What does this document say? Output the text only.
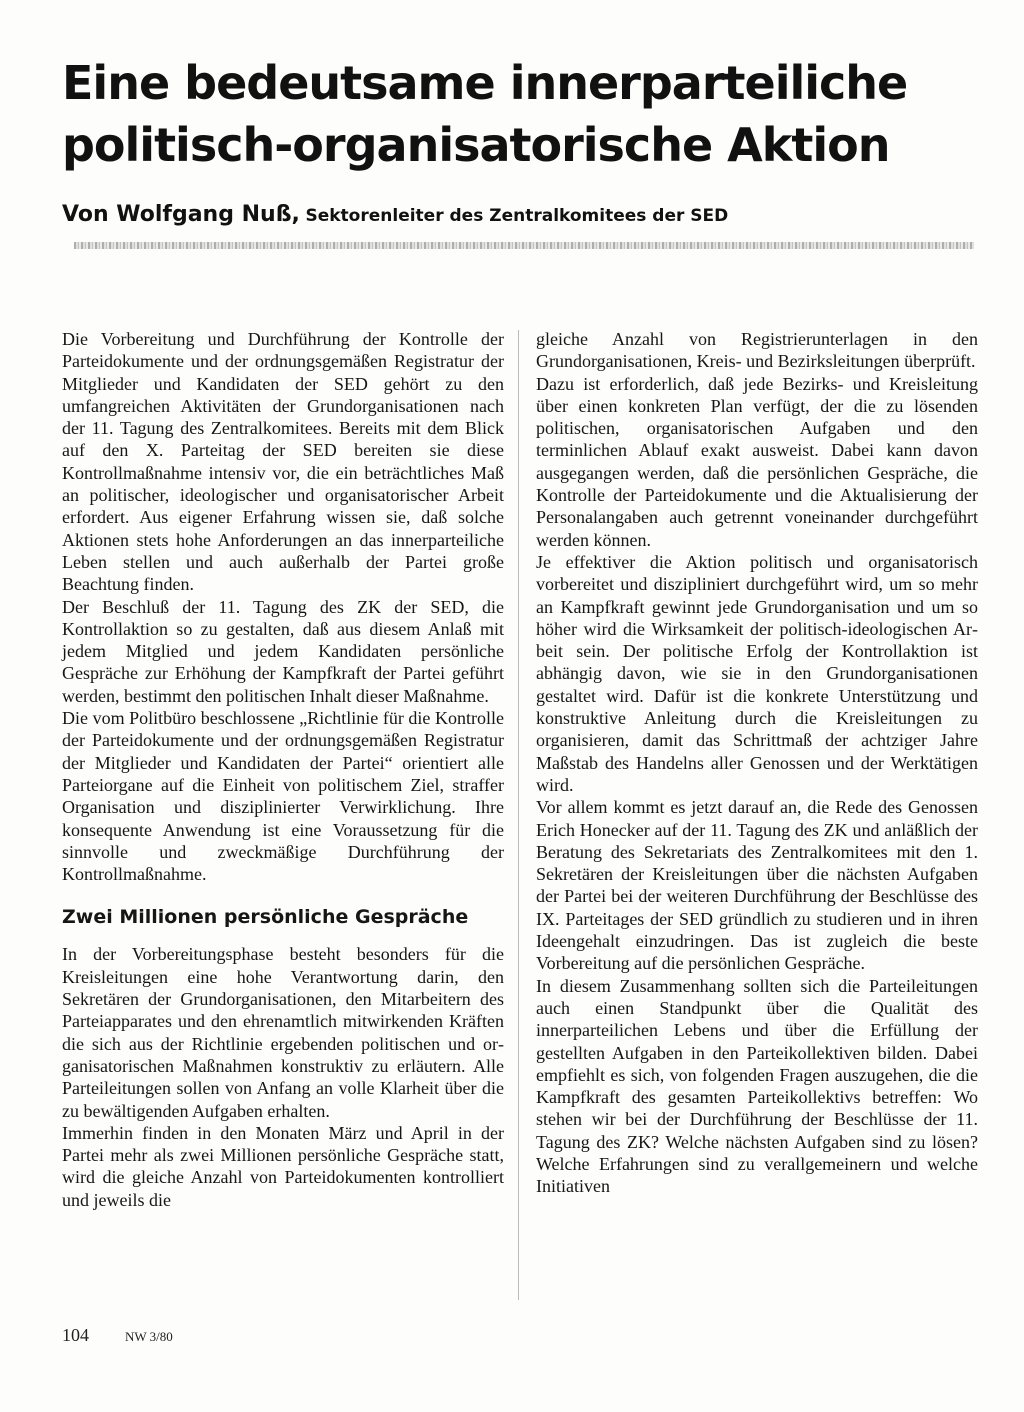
Eine bedeutsame innerparteiliche
politisch-organisatorische Aktion
Von Wolfgang Nuß, Sektorenleiter des Zentralkomitees der SED

Die Vorbereitung und Durchführung der Kontrolle der Parteidokumente und der ordnungsgemäßen Registratur der Mitglieder und Kandidaten der SED gehört zu den umfangreichen Aktivitäten der Grundorganisationen nach der 11. Tagung des Zentralkomitees. Bereits mit dem Blick auf den X. Parteitag der SED bereiten sie diese Kontrollmaßnahme intensiv vor, die ein beträchtliches Maß an politischer, ideologischer und organisatorischer Arbeit erfordert. Aus eigener Erfahrung wissen sie, daß solche Aktionen stets hohe Anforderungen an das innerparteiliche Leben stellen und auch außerhalb der Partei große Beachtung finden.

Der Beschluß der 11. Tagung des ZK der SED, die Kontrollaktion so zu gestalten, daß aus diesem Anlaß mit jedem Mitglied und jedem Kandidaten persönliche Gespräche zur Erhöhung der Kampfkraft der Partei geführt werden, bestimmt den politischen Inhalt dieser Maßnahme.

Die vom Politbüro beschlossene „Richtlinie für die Kontrolle der Parteidokumente und der ordnungsgemäßen Registratur der Mitglieder und Kandidaten der Partei“ orientiert alle Parteiorgane auf die Einheit von politischem Ziel, straffer Organisation und disziplinierter Verwirklichung. Ihre konsequente Anwendung ist eine Voraussetzung für die sinnvolle und zweckmäßige Durchführung der Kontrollmaßnahme.

Zwei Millionen persönliche Gespräche

In der Vorbereitungsphase besteht besonders für die Kreisleitungen eine hohe Verantwortung darin, den Sekretären der Grundorganisationen, den Mitarbeitern des Parteiapparates und den ehrenamtlich mitwirkenden Kräften die sich aus der Richtlinie ergebenden politischen und organisatorischen Maßnahmen konstruktiv zu erläutern. Alle Parteileitungen sollen von Anfang an volle Klarheit über die zu bewältigenden Aufgaben erhalten.

Immerhin finden in den Monaten März und April in der Partei mehr als zwei Millionen persönliche Gespräche statt, wird die gleiche Anzahl von Parteidokumenten kontrolliert und jeweils die

gleiche Anzahl von Registrierunterlagen in den Grundorganisationen, Kreis- und Bezirksleitungen überprüft.

Dazu ist erforderlich, daß jede Bezirks- und Kreisleitung über einen konkreten Plan verfügt, der die zu lösenden politischen, organisatorischen Aufgaben und den terminlichen Ablauf exakt ausweist. Dabei kann davon ausgegangen werden, daß die persönlichen Gespräche, die Kontrolle der Parteidokumente und die Aktualisierung der Personalangaben auch getrennt voneinander durchgeführt werden können.

Je effektiver die Aktion politisch und organisatorisch vorbereitet und diszipliniert durchgeführt wird, um so mehr an Kampfkraft gewinnt jede Grundorganisation und um so höher wird die Wirksamkeit der politisch-ideologischen Arbeit sein. Der politische Erfolg der Kontrollaktion ist abhängig davon, wie sie in den Grundorganisationen gestaltet wird. Dafür ist die konkrete Unterstützung und konstruktive Anleitung durch die Kreisleitungen zu organisieren, damit das Schrittmaß der achtziger Jahre Maßstab des Handelns aller Genossen und der Werktätigen wird.

Vor allem kommt es jetzt darauf an, die Rede des Genossen Erich Honecker auf der 11. Tagung des ZK und anläßlich der Beratung des Sekretariats des Zentralkomitees mit den 1. Sekretären der Kreisleitungen über die nächsten Aufgaben der Partei bei der weiteren Durchführung der Beschlüsse des IX. Parteitages der SED gründlich zu studieren und in ihren Ideengehalt einzudringen. Das ist zugleich die beste Vorbereitung auf die persönlichen Gespräche.

In diesem Zusammenhang sollten sich die Parteileitungen auch einen Standpunkt über die Qualität des innerparteilichen Lebens und über die Erfüllung der gestellten Aufgaben in den Parteikollektiven bilden. Dabei empfiehlt es sich, von folgenden Fragen auszugehen, die die Kampfkraft des gesamten Parteikollektivs betreffen: Wo stehen wir bei der Durchführung der Beschlüsse der 11. Tagung des ZK? Welche nächsten Aufgaben sind zu lösen? Welche Erfahrungen sind zu verallgemeinern und welche Initiativen

104	NW 3/80
